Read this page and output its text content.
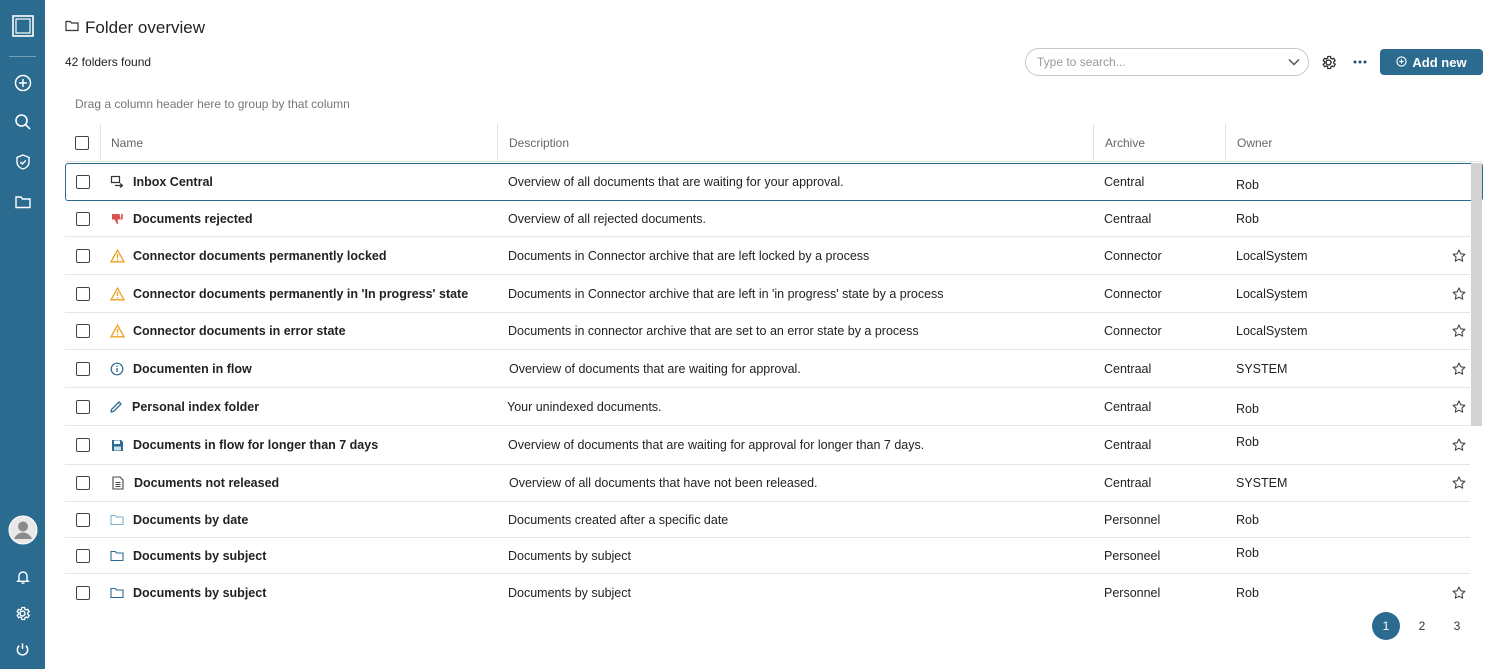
Folder overview
42 folders found
Type to search...	Add new
Drag a column header here to group by that column
Name	Description	Archive	Owner
Inbox Central	Overview of all documents that are waiting for your approval.	Central	Rob
Documents rejected	Overview of all rejected documents.	Centraal	Rob
Connector documents permanently locked	Documents in Connector archive that are left locked by a process	Connector	LocalSystem
Connector documents permanently in 'In progress' state	Documents in Connector archive that are left in 'in progress' state by a process	Connector	LocalSystem
Connector documents in error state	Documents in connector archive that are set to an error state by a process	Connector	LocalSystem
Documenten in flow	Overview of documents that are waiting for approval.	Centraal	SYSTEM
Personal index folder	Your unindexed documents.	Centraal	Rob
Documents in flow for longer than 7 days	Overview of documents that are waiting for approval for longer than 7 days.	Centraal	Rob
Documents not released	Overview of all documents that have not been released.	Centraal	SYSTEM
Documents by date	Documents created after a specific date	Personnel	Rob
Documents by subject	Documents by subject	Personeel	Rob
Documents by subject	Documents by subject	Personnel	Rob
1	2	3
